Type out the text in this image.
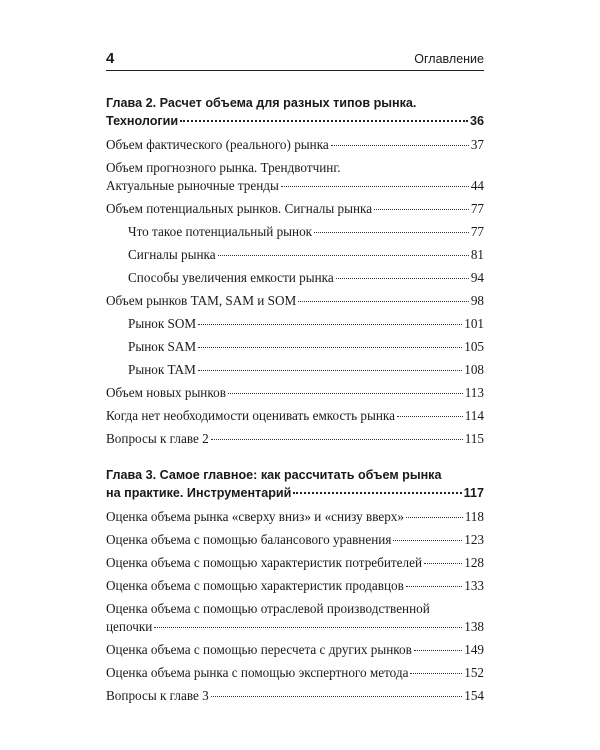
4	Оглавление
Глава 2. Расчет объема для разных типов рынка.
Технологии	36
Объем фактического (реального) рынка	37
Объем прогнозного рынка. Трендвотчинг.
Актуальные рыночные тренды	44
Объем потенциальных рынков. Сигналы рынка	77
Что такое потенциальный рынок	77
Сигналы рынка	81
Способы увеличения емкости рынка	94
Объем рынков TAM, SAM и SOM	98
Рынок SOM	101
Рынок SAM	105
Рынок TAM	108
Объем новых рынков	113
Когда нет необходимости оценивать емкость рынка	114
Вопросы к главе 2	115
Глава 3. Самое главное: как рассчитать объем рынка
на практике. Инструментарий	117
Оценка объема рынка «сверху вниз» и «снизу вверх»	118
Оценка объема с помощью балансового уравнения	123
Оценка объема с помощью характеристик потребителей	128
Оценка объема с помощью характеристик продавцов	133
Оценка объема с помощью отраслевой производственной
цепочки	138
Оценка объема с помощью пересчета с других рынков	149
Оценка объема рынка с помощью экспертного метода	152
Вопросы к главе 3	154
